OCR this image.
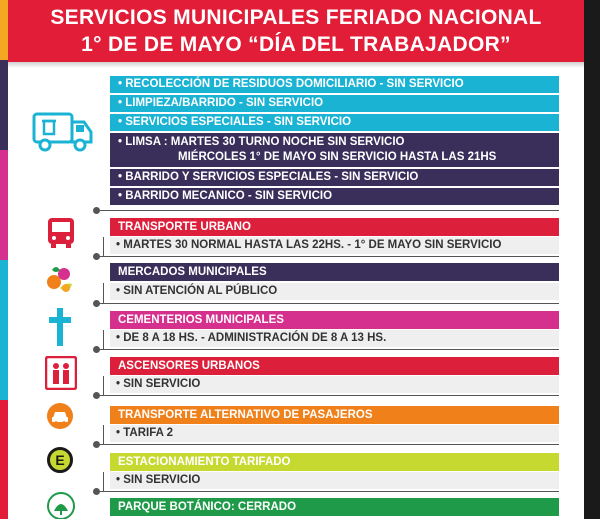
SERVICIOS MUNICIPALES FERIADO NACIONAL
1° DE DE MAYO “DÍA DEL TRABAJADOR”
• RECOLECCIÓN DE RESIDUOS DOMICILIARIO - SIN SERVICIO
• LIMPIEZA/BARRIDO - SIN SERVICIO
• SERVICIOS ESPECIALES - SIN SERVICIO
• LIMSA : MARTES 30 TURNO NOCHE SIN SERVICIO
MIÉRCOLES 1° DE MAYO SIN SERVICIO HASTA LAS 21HS
• BARRIDO Y SERVICIOS ESPECIALES - SIN SERVICIO
• BARRIDO MECANICO - SIN SERVICIO
TRANSPORTE URBANO
• MARTES 30 NORMAL HASTA LAS 22HS. - 1° DE MAYO SIN SERVICIO
MERCADOS MUNICIPALES
• SIN ATENCIÓN AL PÚBLICO
CEMENTERIOS MUNICIPALES
• DE 8 A 18 HS. - ADMINISTRACIÓN DE 8 A 13 HS.
ASCENSORES URBANOS
• SIN SERVICIO
TRANSPORTE ALTERNATIVO DE PASAJEROS
• TARIFA 2
E	ESTACIONAMIENTO TARIFADO
• SIN SERVICIO
PARQUE BOTÁNICO: CERRADO
